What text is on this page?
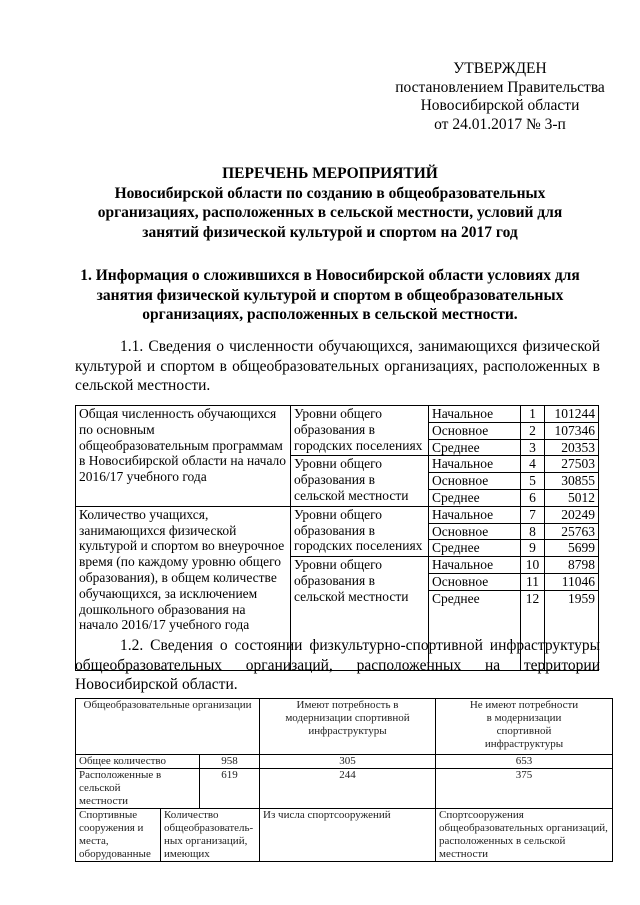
УТВЕРЖДЕН
постановлением Правительства
Новосибирской области
от 24.01.2017 № 3-п
ПЕРЕЧЕНЬ МЕРОПРИЯТИЙ
Новосибирской области по созданию в общеобразовательных организациях, расположенных в сельской местности, условий для занятий физической культурой и спортом на 2017 год
1. Информация о сложившихся в Новосибирской области условиях для занятия физической культурой и спортом в общеобразовательных организациях, расположенных в сельской местности.
1.1. Сведения о численности обучающихся, занимающихся физической культурой и спортом в общеобразовательных организациях, расположенных в сельской местности.
Общая численность обучающихся по основным общеобразовательным программам в Новосибирской области на начало 2016/17 учебного года	Уровни общего образования в городских поселениях	Начальное	1	101244
		Основное	2	107346
		Среднее	3	20353
	Уровни общего образования в сельской местности	Начальное	4	27503
		Основное	5	30855
		Среднее	6	5012
Количество учащихся, занимающихся физической культурой и спортом во внеурочное время (по каждому уровню общего образования), в общем количестве обучающихся, за исключением дошкольного образования на начало 2016/17 учебного года	Уровни общего образования в городских поселениях	Начальное	7	20249
		Основное	8	25763
		Среднее	9	5699
	Уровни общего образования в сельской местности	Начальное	10	8798
		Основное	11	11046
		Среднее	12	1959
1.2. Сведения о состоянии физкультурно-спортивной инфраструктуры общеобразовательных организаций, расположенных на территории Новосибирской области.
Общеобразовательные организации			Имеют потребность в модернизации спортивной инфраструктуры	Не имеют потребности в модернизации спортивной инфраструктуры
Общее количество		958	305	653
Расположенные в сельской местности		619	244	375
Спортивные сооружения и места, оборудованные	Количество общеобразователь-ных организаций, имеющих		Из числа спортсооружений	Спортсооружения общеобразовательных организаций, расположенных в сельской местности
